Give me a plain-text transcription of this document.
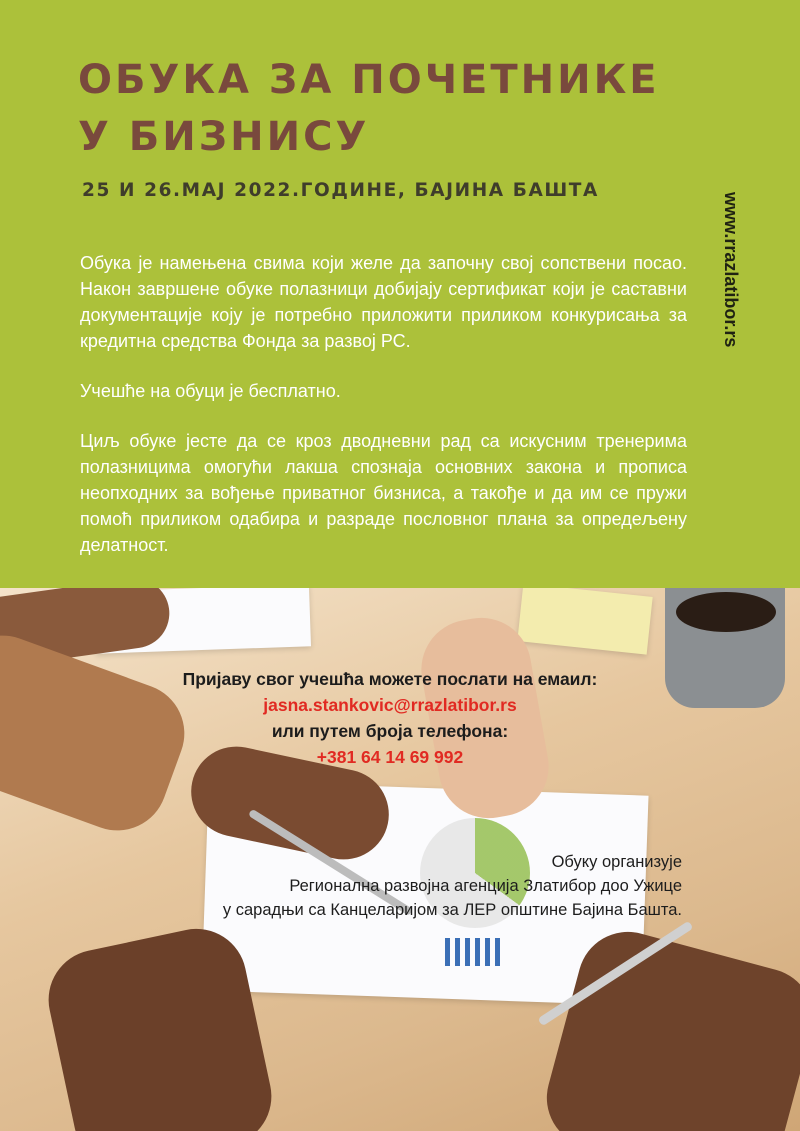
ОБУКА ЗА ПОЧЕТНИКЕ У БИЗНИСУ
25 И 26.МАЈ 2022.ГОДИНЕ, БАЈИНА БАШТА
www.rrazlatibor.rs

Обука је намењена свима који желе да започну свој сопствени посао. Након завршене обуке полазници добијају сертификат који је саставни документације коју је потребно приложити приликом конкурисања за кредитна средства Фонда за развој РС.

Учешће на обуци је бесплатно.

Циљ обуке јесте да се кроз дводневни рад са искусним тренерима полазницима омогући лакша спознаја основних закона и прописа неопходних за вођење приватног бизниса, а такође и да им се пружи помоћ приликом одабира и разраде пословног плана за опредељену делатност.

Пријаву свог учешћа можете послати на емаил:
jasna.stankovic@rrazlatibor.rs
или путем броја телефона:
+381 64 14 69 992
Обуку организује
Регионална развојна агенција Златибор доо Ужице
у сарадњи са Канцеларијом за ЛЕР општине Бајина Башта.
